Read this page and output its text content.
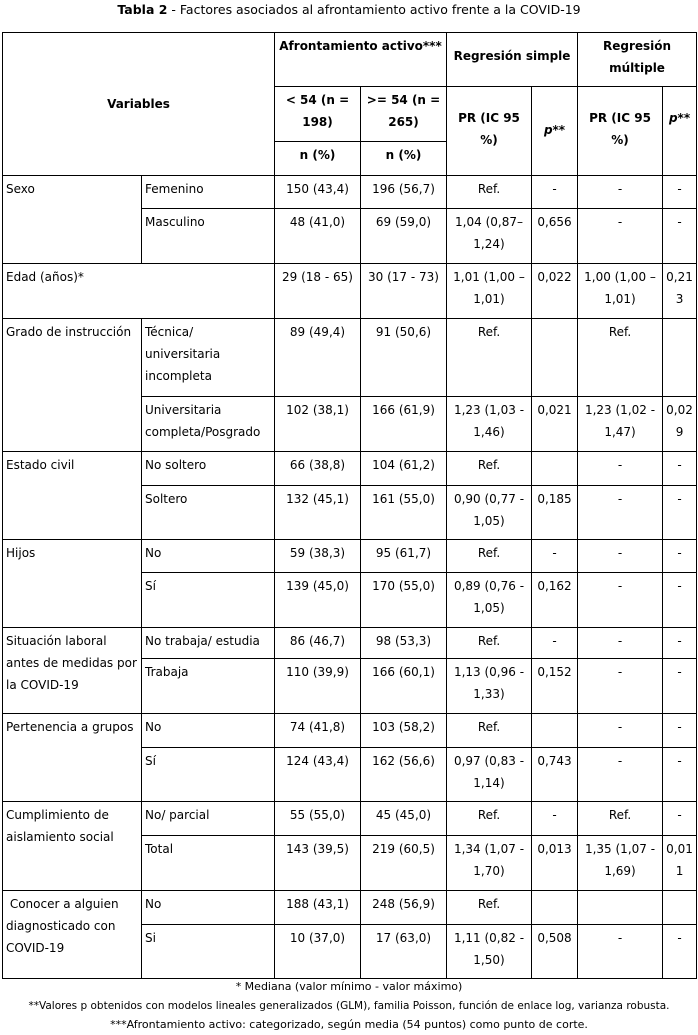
Tabla 2 - Factores asociados al afrontamiento activo frente a la COVID-19
Variables		Afrontamiento activo***		Regresión simple		Regresión múltiple	
		< 54 (n = 198)	>= 54 (n = 265)	PR (IC 95 %)	p**	PR (IC 95 %)	p**
		n (%)	n (%)				
Sexo	Femenino	150 (43,4)	196 (56,7)	Ref.	-	-	-
	Masculino	48 (41,0)	69 (59,0)	1,04 (0,87–1,24)	0,656	-	-
Edad (años)*		29 (18 - 65)	30 (17 - 73)	1,01 (1,00 –1,01)	0,022	1,00 (1,00 –1,01)	0,213
Grado de instrucción	Técnica/ universitaria incompleta	89 (49,4)	91 (50,6)	Ref.		Ref.	
	Universitaria completa/Posgrado	102 (38,1)	166 (61,9)	1,23 (1,03 - 1,46)	0,021	1,23 (1,02 - 1,47)	0,029
Estado civil	No soltero	66 (38,8)	104 (61,2)	Ref.		-	-
	Soltero	132 (45,1)	161 (55,0)	0,90 (0,77 - 1,05)	0,185	-	-
Hijos	No	59 (38,3)	95 (61,7)	Ref.	-	-	-
	Sí	139 (45,0)	170 (55,0)	0,89 (0,76 - 1,05)	0,162	-	-
Situación laboral antes de medidas por la COVID-19	No trabaja/ estudia	86 (46,7)	98 (53,3)	Ref.	-	-	-
	Trabaja	110 (39,9)	166 (60,1)	1,13 (0,96 - 1,33)	0,152	-	-
Pertenencia a grupos	No	74 (41,8)	103 (58,2)	Ref.		-	-
	Sí	124 (43,4)	162 (56,6)	0,97 (0,83 - 1,14)	0,743	-	-
Cumplimiento de aislamiento social	No/ parcial	55 (55,0)	45 (45,0)	Ref.	-	Ref.	-
	Total	143 (39,5)	219 (60,5)	1,34 (1,07 - 1,70)	0,013	1,35 (1,07 - 1,69)	0,011
Conocer a alguien diagnosticado con COVID-19	No	188 (43,1)	248 (56,9)	Ref.			
	Si	10 (37,0)	17 (63,0)	1,11 (0,82 - 1,50)	0,508	-	-
* Mediana (valor mínimo - valor máximo)
**Valores p obtenidos con modelos lineales generalizados (GLM), familia Poisson, función de enlace log, varianza robusta.
***Afrontamiento activo: categorizado, según media (54 puntos) como punto de corte.
